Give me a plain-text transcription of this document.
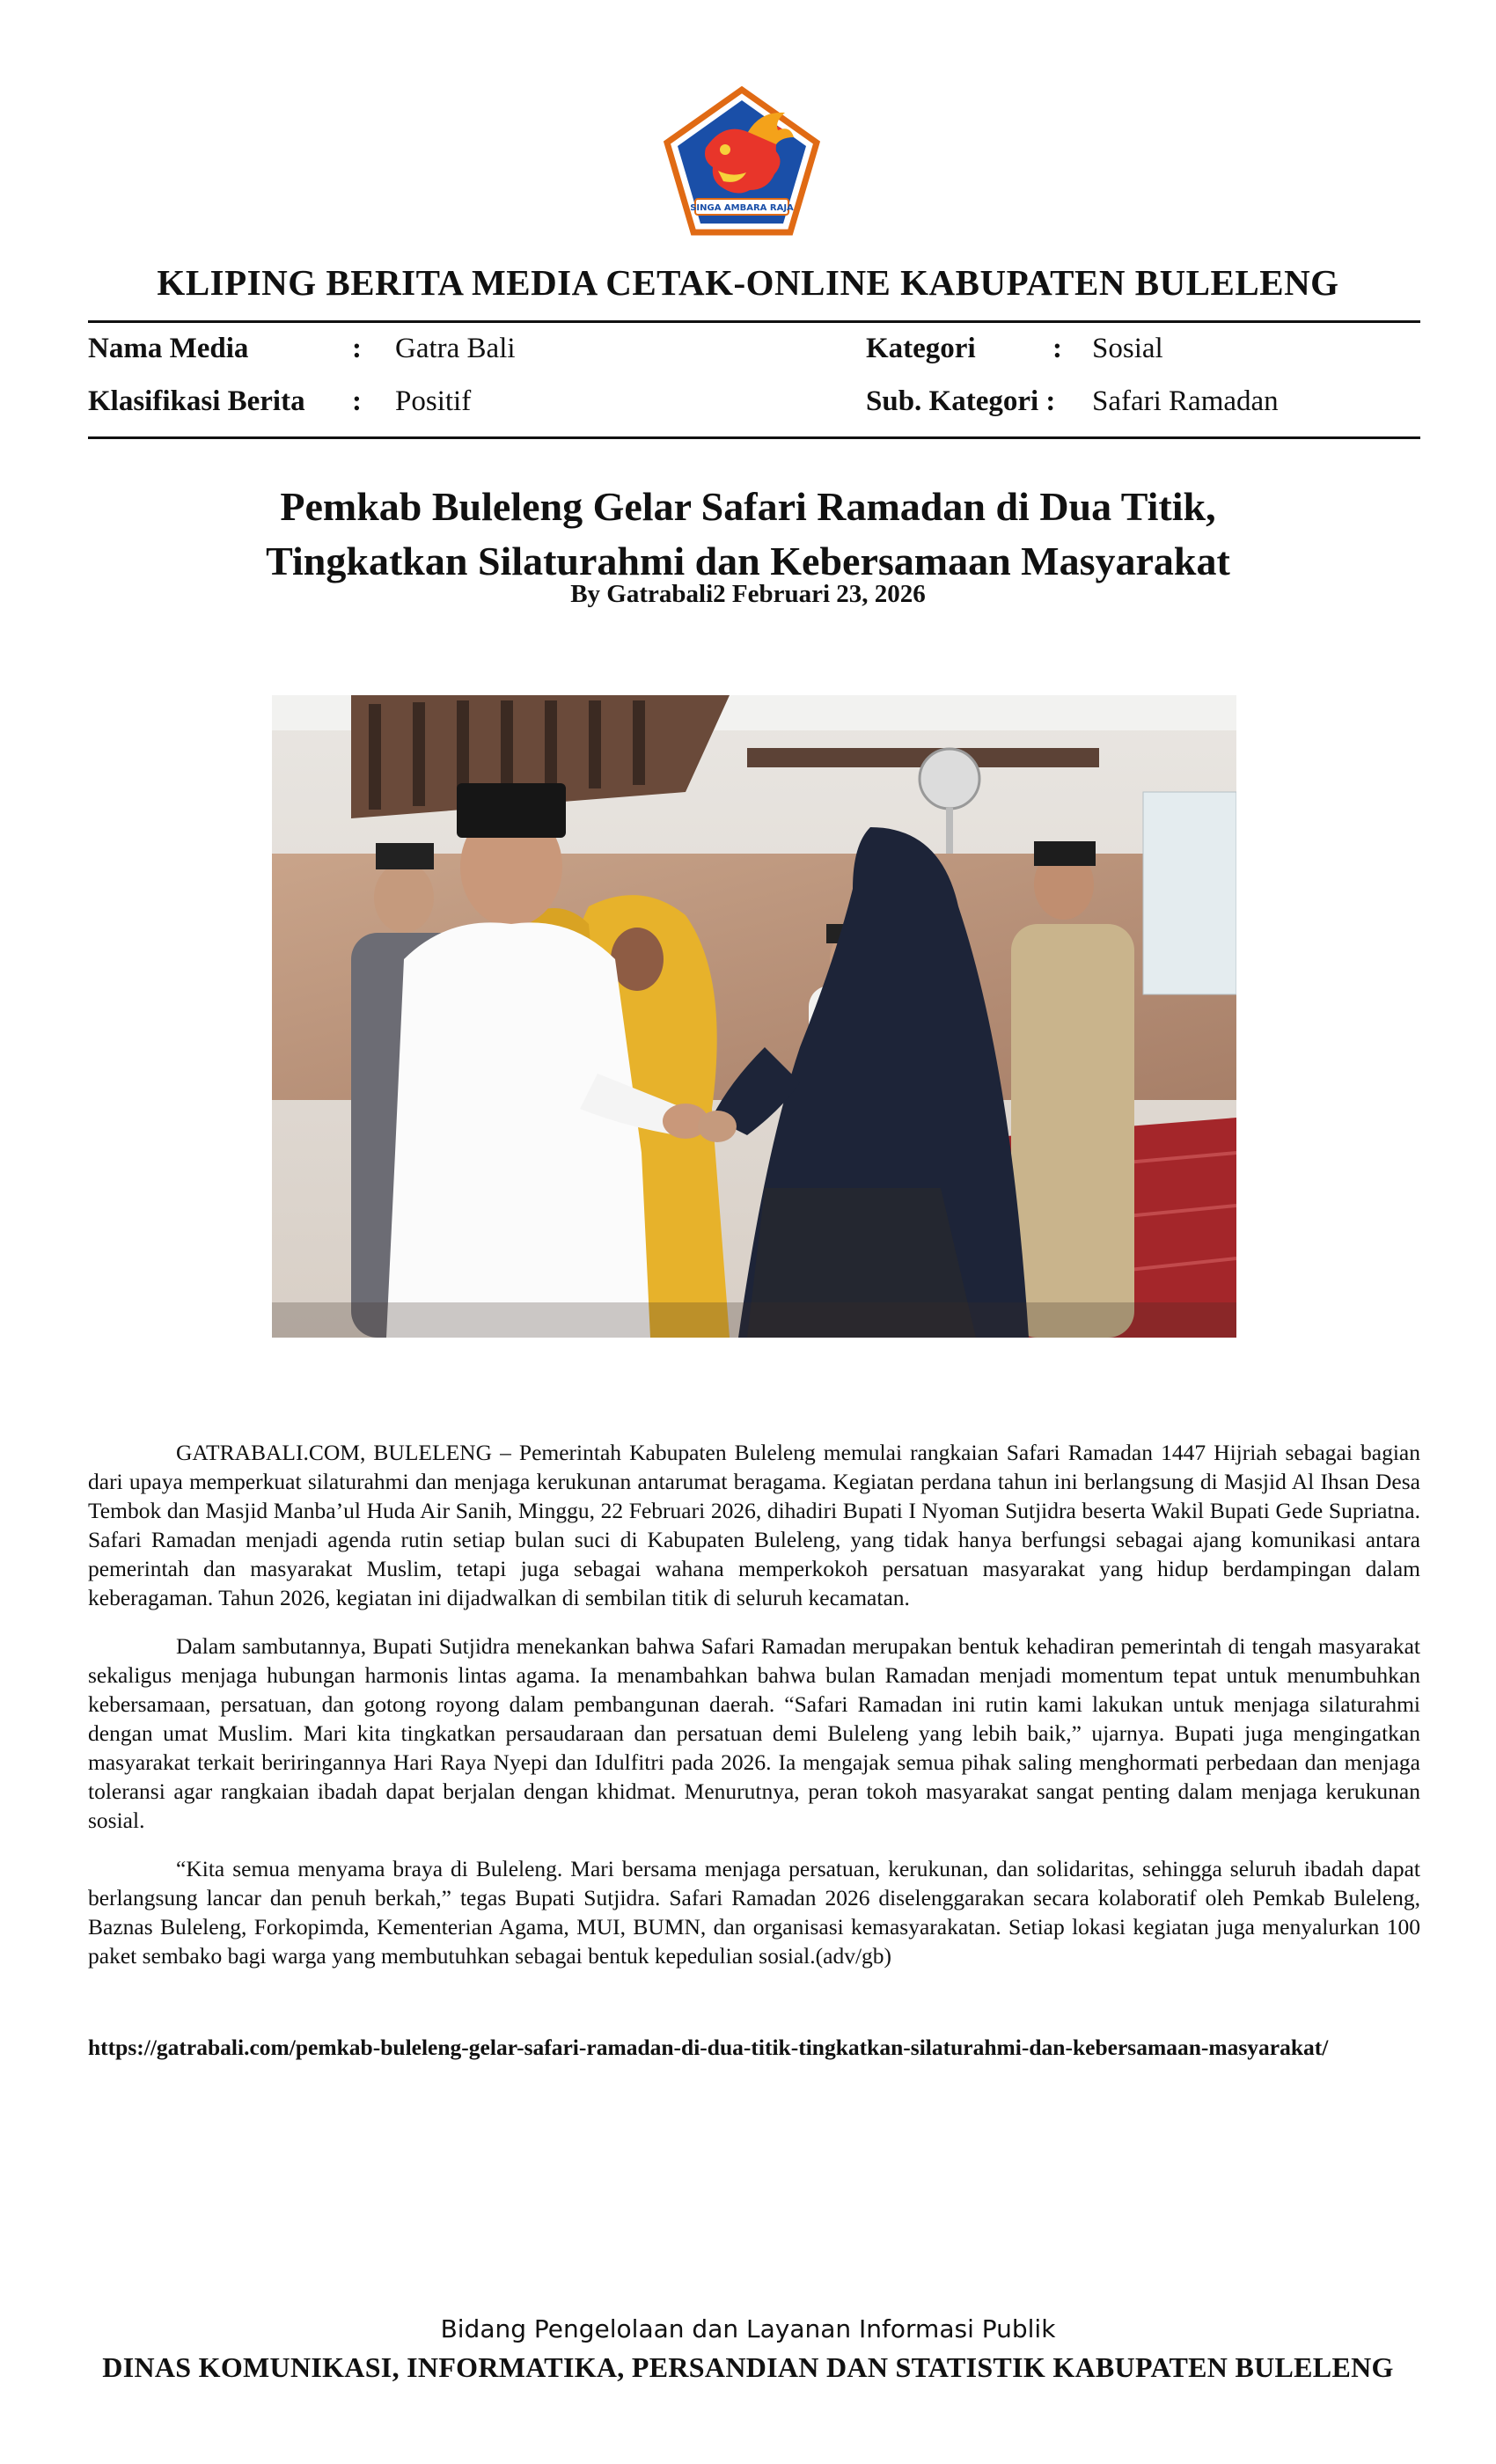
SINGA AMBARA RAJA
KLIPING BERITA MEDIA CETAK-ONLINE KABUPATEN BULELENG
Nama Media	: Gatra Bali	Kategori	: Sosial
Klasifikasi Berita : Positif	Sub. Kategori : Safari Ramadan
Pemkab Buleleng Gelar Safari Ramadan di Dua Titik,
Tingkatkan Silaturahmi dan Kebersamaan Masyarakat
By Gatrabali2 Februari 23, 2026

GATRABALI.COM, BULELENG – Pemerintah Kabupaten Buleleng memulai rangkaian Safari Ramadan 1447 Hijriah sebagai bagian dari upaya memperkuat silaturahmi dan menjaga kerukunan antarumat beragama. Kegiatan perdana tahun ini berlangsung di Masjid Al Ihsan Desa Tembok dan Masjid Manba’ul Huda Air Sanih, Minggu, 22 Februari 2026, dihadiri Bupati I Nyoman Sutjidra beserta Wakil Bupati Gede Supriatna. Safari Ramadan menjadi agenda rutin setiap bulan suci di Kabupaten Buleleng, yang tidak hanya berfungsi sebagai ajang komunikasi antara pemerintah dan masyarakat Muslim, tetapi juga sebagai wahana memperkokoh persatuan masyarakat yang hidup berdampingan dalam keberagaman. Tahun 2026, kegiatan ini dijadwalkan di sembilan titik di seluruh kecamatan.

Dalam sambutannya, Bupati Sutjidra menekankan bahwa Safari Ramadan merupakan bentuk kehadiran pemerintah di tengah masyarakat sekaligus menjaga hubungan harmonis lintas agama. Ia menambahkan bahwa bulan Ramadan menjadi momentum tepat untuk menumbuhkan kebersamaan, persatuan, dan gotong royong dalam pembangunan daerah. “Safari Ramadan ini rutin kami lakukan untuk menjaga silaturahmi dengan umat Muslim. Mari kita tingkatkan persaudaraan dan persatuan demi Buleleng yang lebih baik,” ujarnya. Bupati juga mengingatkan masyarakat terkait beriringannya Hari Raya Nyepi dan Idulfitri pada 2026. Ia mengajak semua pihak saling menghormati perbedaan dan menjaga toleransi agar rangkaian ibadah dapat berjalan dengan khidmat. Menurutnya, peran tokoh masyarakat sangat penting dalam menjaga kerukunan sosial.

“Kita semua menyama braya di Buleleng. Mari bersama menjaga persatuan, kerukunan, dan solidaritas, sehingga seluruh ibadah dapat berlangsung lancar dan penuh berkah,” tegas Bupati Sutjidra. Safari Ramadan 2026 diselenggarakan secara kolaboratif oleh Pemkab Buleleng, Baznas Buleleng, Forkopimda, Kementerian Agama, MUI, BUMN, dan organisasi kemasyarakatan. Setiap lokasi kegiatan juga menyalurkan 100 paket sembako bagi warga yang membutuhkan sebagai bentuk kepedulian sosial.(adv/gb)

https://gatrabali.com/pemkab-buleleng-gelar-safari-ramadan-di-dua-titik-tingkatkan-silaturahmi-dan-kebersamaan-masyarakat/
Bidang Pengelolaan dan Layanan Informasi Publik
DINAS KOMUNIKASI, INFORMATIKA, PERSANDIAN DAN STATISTIK KABUPATEN BULELENG
